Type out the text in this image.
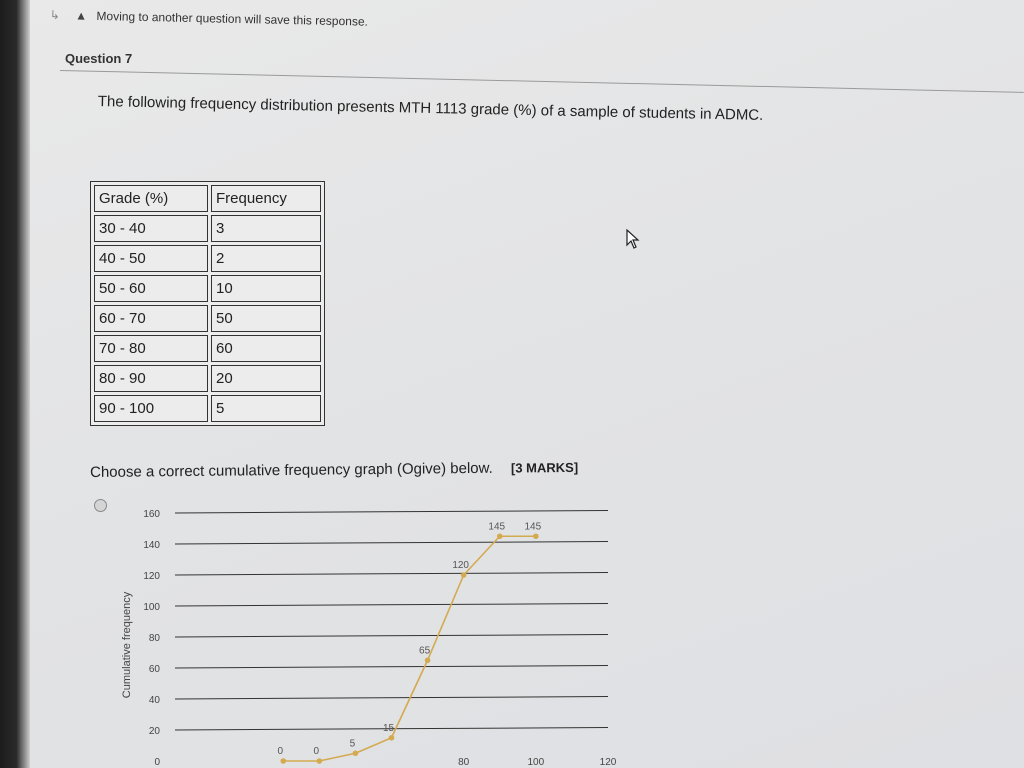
↳ ▲ Moving to another question will save this response.
Question 7
The following frequency distribution presents MTH 1113 grade (%) of a sample of students in ADMC.
Grade (%)	Frequency
30 - 40	3
40 - 50	2
50 - 60	10
60 - 70	50
70 - 80	60
80 - 90	20
90 - 100	5
Choose a correct cumulative frequency graph (Ogive) below. [3 MARKS]
0	0
5
15
65
120
145 145
0
20
40
60
80
100
120
140
160
80	100	120
Cumulative frequency
